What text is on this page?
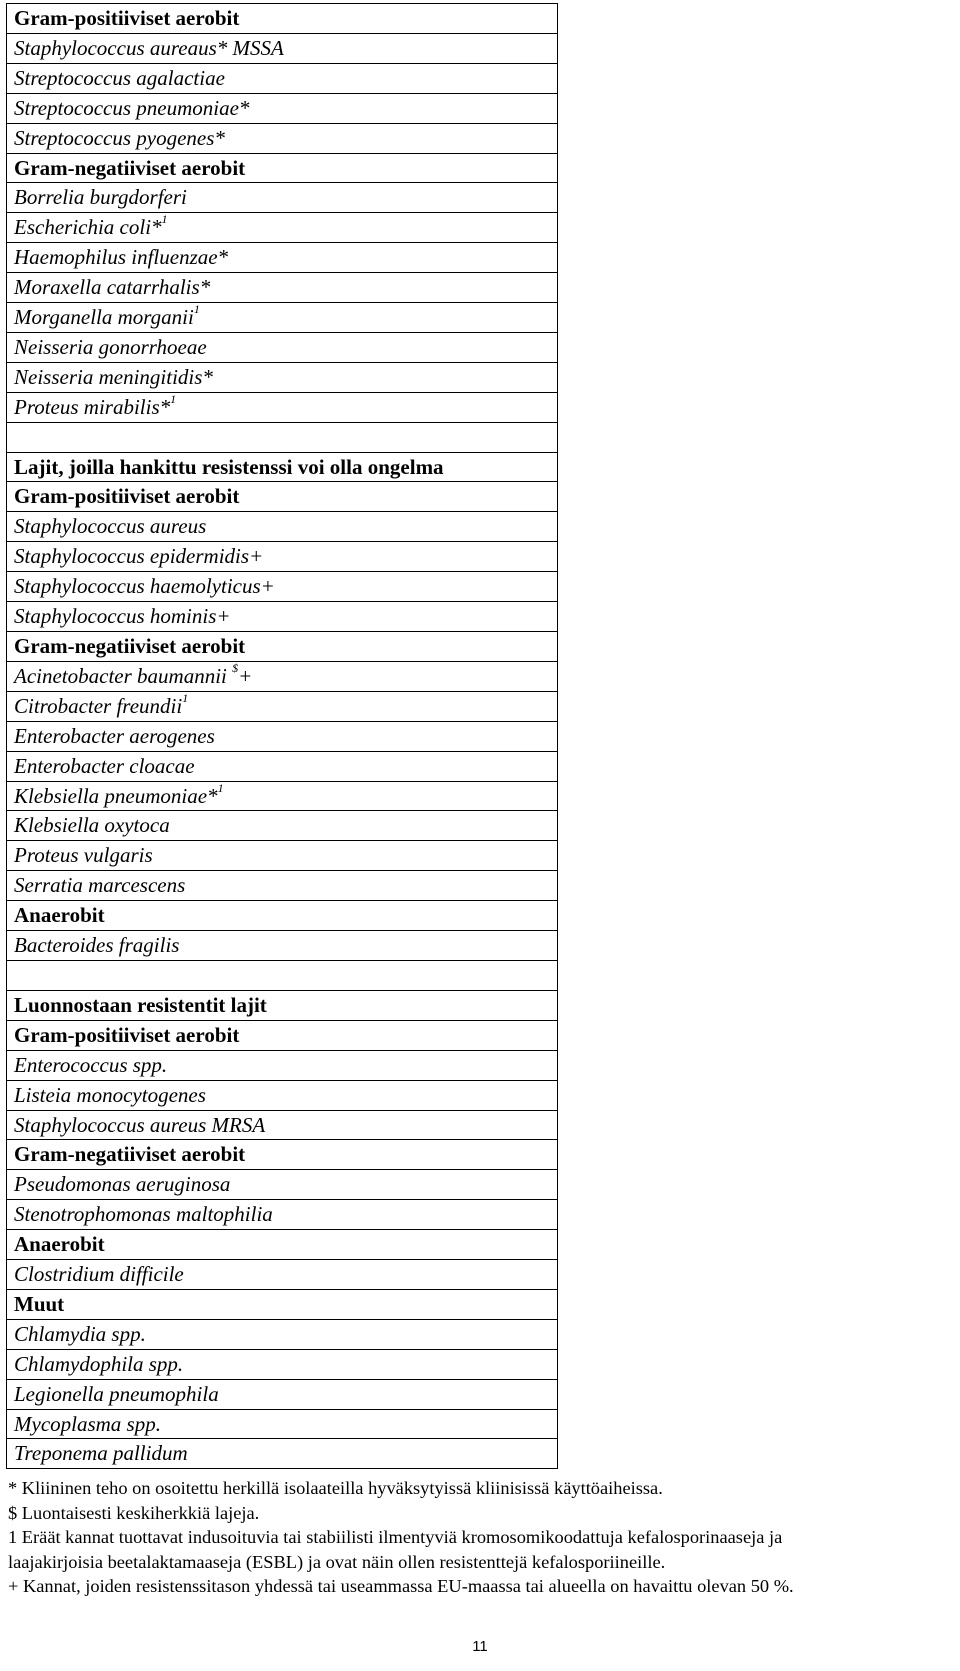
Gram-positiiviset aerobit
Staphylococcus aureaus* MSSA
Streptococcus agalactiae
Streptococcus pneumoniae*
Streptococcus pyogenes*
Gram-negatiiviset aerobit
Borrelia burgdorferi
Escherichia coli*$^1$
Haemophilus influenzae*
Moraxella catarrhalis*
Morganella morganii$^1$
Neisseria gonorrhoeae
Neisseria meningitidis*
Proteus mirabilis*$^1$

Lajit, joilla hankittu resistenssi voi olla ongelma
Gram-positiiviset aerobit
Staphylococcus aureus
Staphylococcus epidermidis+
Staphylococcus haemolyticus+
Staphylococcus hominis+
Gram-negatiiviset aerobit
Acinetobacter baumannii $+
Citrobacter freundii$^1$
Enterobacter aerogenes
Enterobacter cloacae
Klebsiella pneumoniae*$^1$
Klebsiella oxytoca
Proteus vulgaris
Serratia marcescens
Anaerobit
Bacteroides fragilis

Luonnostaan resistentit lajit
Gram-positiiviset aerobit
Enterococcus spp.
Listeia monocytogenes
Staphylococcus aureus MRSA
Gram-negatiiviset aerobit
Pseudomonas aeruginosa
Stenotrophomonas maltophilia
Anaerobit
Clostridium difficile
Muut
Chlamydia spp.
Chlamydophila spp.
Legionella pneumophila
Mycoplasma spp.
Treponema pallidum

* Kliininen teho on osoitettu herkillä isolaateilla hyväksytyissä kliinisissä käyttöaiheissa.

$ Luontaisesti keskiherkkiä lajeja.

1 Eräät kannat tuottavat indusoituvia tai stabiilisti ilmentyviä kromosomikoodattuja kefalosporinaaseja ja

laajakirjoisia beetalaktamaaseja (ESBL) ja ovat näin ollen resistenttejä kefalosporiineille.

+ Kannat, joiden resistenssitason yhdessä tai useammassa EU-maassa tai alueella on havaittu olevan 50 %.

11
